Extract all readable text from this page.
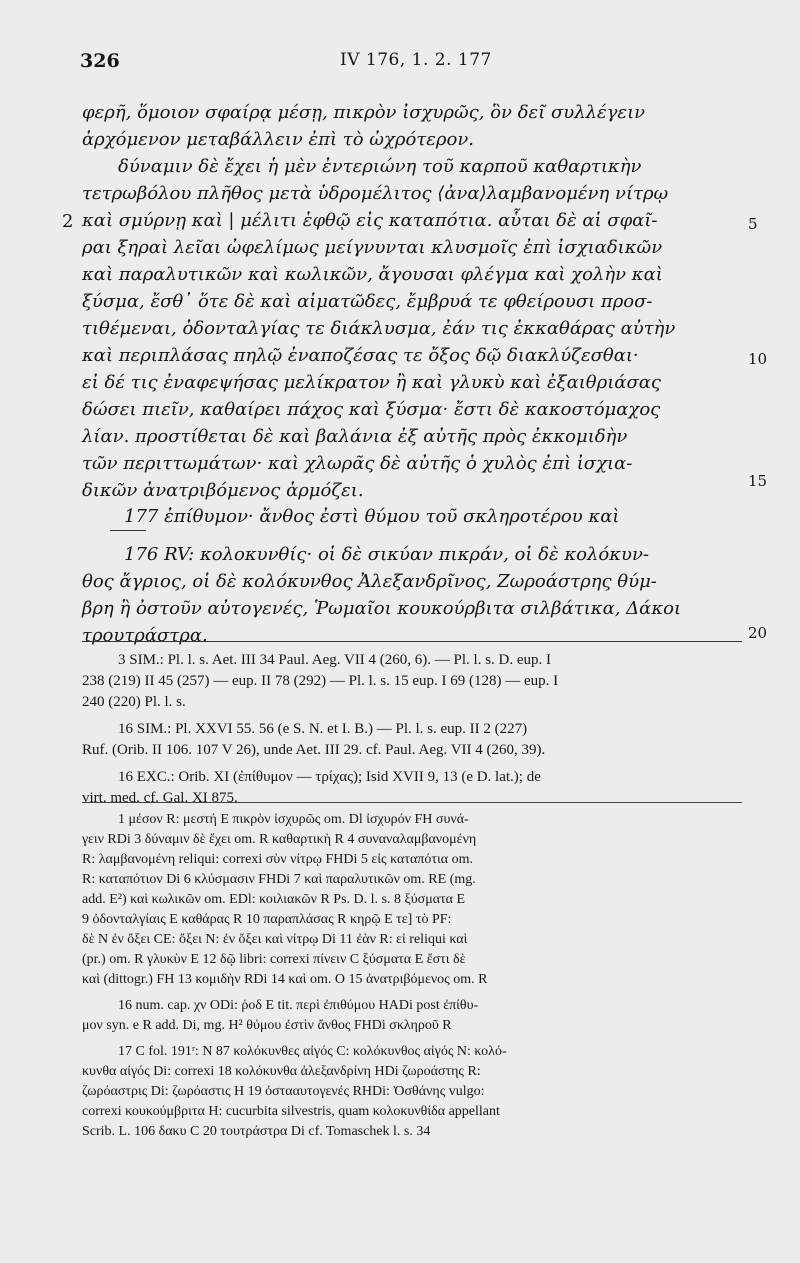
326	IV 176, 1. 2. 177
φερῆ, ὅμοιον σφαίρᾳ μέσῃ, πικρὸν ἰσχυρῶς, ὃν δεῖ συλλέγειν
ἀρχόμενον μεταβάλλειν ἐπὶ τὸ ὠχρότερον.
δύναμιν δὲ ἔχει ἡ μὲν ἐντεριώνη τοῦ καρποῦ καθαρτικὴν
τετρωβόλου πλῆθος μετὰ ὑδρομέλιτος ⟨ἀνα⟩λαμβανομένη νίτρῳ
καὶ σμύρνῃ καὶ | μέλιτι ἑφθῷ εἰς καταπότια. αὗται δὲ αἱ σφαῖ-
ραι ξηραὶ λεῖαι ὠφελίμως μείγνυνται κλυσμοῖς ἐπὶ ἰσχιαδικῶν
καὶ παραλυτικῶν καὶ κωλικῶν, ἄγουσαι φλέγμα καὶ χολὴν καὶ
ξύσμα, ἔσθ᾿ ὅτε δὲ καὶ αἱματῶδες, ἔμβρυά τε φθείρουσι προσ-
τιθέμεναι, ὀδονταλγίας τε διάκλυσμα, ἐάν τις ἐκκαθάρας αὐτὴν
καὶ περιπλάσας πηλῷ ἐναποζέσας τε ὄξος δῷ διακλύζεσθαι·
εἰ δέ τις ἐναφεψήσας μελίκρατον ἢ καὶ γλυκὺ καὶ ἐξαιθριάσας
δώσει πιεῖν, καθαίρει πάχος καὶ ξύσμα· ἔστι δὲ κακοστόμαχος
λίαν. προστίθεται δὲ καὶ βαλάνια ἐξ αὐτῆς πρὸς ἐκκομιδὴν
τῶν περιττωμάτων· καὶ χλωρᾶς δὲ αὐτῆς ὁ χυλὸς ἐπὶ ἰσχια-
δικῶν ἀνατριβόμενος ἁρμόζει.
177 ἐπίθυμον· ἄνθος ἐστὶ θύμου τοῦ σκληροτέρου καὶ
2	5
10
15
20
176 RV: κολοκυνθίς· οἱ δὲ σικύαν πικράν, οἱ δὲ κολόκυν-
θος ἄγριος, οἱ δὲ κολόκυνθος Ἀλεξανδρῖνος, Ζωροάστρης θύμ-
βρη ἢ ὀστοῦν αὐτογενές, Ῥωμαῖοι κουκούρβιτα σιλβάτικα, Δάκοι
τρουτράστρα.
3 SIM.: Pl. l. s. Aet. III 34 Paul. Aeg. VII 4 (260, 6). — Pl. l. s. D. eup. I
238 (219) II 45 (257) — eup. II 78 (292) — Pl. l. s. 15 eup. I 69 (128) — eup. I
240 (220) Pl. l. s.
16 SIM.: Pl. XXVI 55. 56 (e S. N. et I. B.) — Pl. l. s. eup. II 2 (227)
Ruf. (Orib. II 106. 107 V 26), unde Aet. III 29. cf. Paul. Aeg. VII 4 (260, 39).
16 EXC.: Orib. XI (ἐπίθυμον — τρίχας); Isid XVII 9, 13 (e D. lat.); de
virt. med. cf. Gal. XI 875.
1 μέσον R: μεστή E πικρὸν ἰσχυρῶς om. Dl ἰσχυρόν FH συνά-
γειν RDi 3 δύναμιν δὲ ἔχει om. R καθαρτικὴ R 4 συναναλαμβανομένη
R: λαμβανομένη reliqui: correxi σὺν νίτρῳ FHDi 5 εἰς καταπότια om.
R: καταπότιον Di 6 κλύσμασιν FHDi 7 καὶ παραλυτικῶν om. RE (mg.
add. E²) καὶ κωλικῶν om. EDl: κοιλιακῶν R Ps. D. l. s. 8 ξύσματα E
9 ὀδονταλγίαις E καθάρας R 10 παραπλάσας R κηρῷ E τε] τὸ PF:
δὲ N ἐν ὄξει CE: ὄξει N: ἐν ὄξει καὶ νίτρῳ Di 11 ἐὰν R: εἰ reliqui καὶ
(pr.) om. R γλυκὺν E 12 δῷ libri: correxi πίνειν C ξύσματα E ἔστι δὲ
καὶ (dittogr.) FH 13 κομιδὴν RDi 14 καὶ om. O 15 ἀνατριβόμενος om. R
16 num. cap. χν ODi: ῥοδ E tit. περὶ ἐπιθύμου HADi post ἐπίθυ-
μον syn. e R add. Di, mg. H² θύμου ἐστὶν ἄνθος FHDi σκληροῦ R
17 C fol. 191ʳ: N 87 κολόκυνθες αἰγός C: κολόκυνθος αἰγός N: κολό-
κυνθα αἰγός Di: correxi 18 κολόκυνθα ἀλεξανδρίνη HDi ζωροάστης R:
ζωρόαστρις Di: ζωρόαστις H 19 ὀστααυτογενές RHDi: Ὀσθάνης vulgo:
correxi κουκούμβριτα H: cucurbita silvestris, quam κολοκυνθίδα appellant
Scrib. L. 106 δακυ C 20 τουτράστρα Di cf. Tomaschek l. s. 34
